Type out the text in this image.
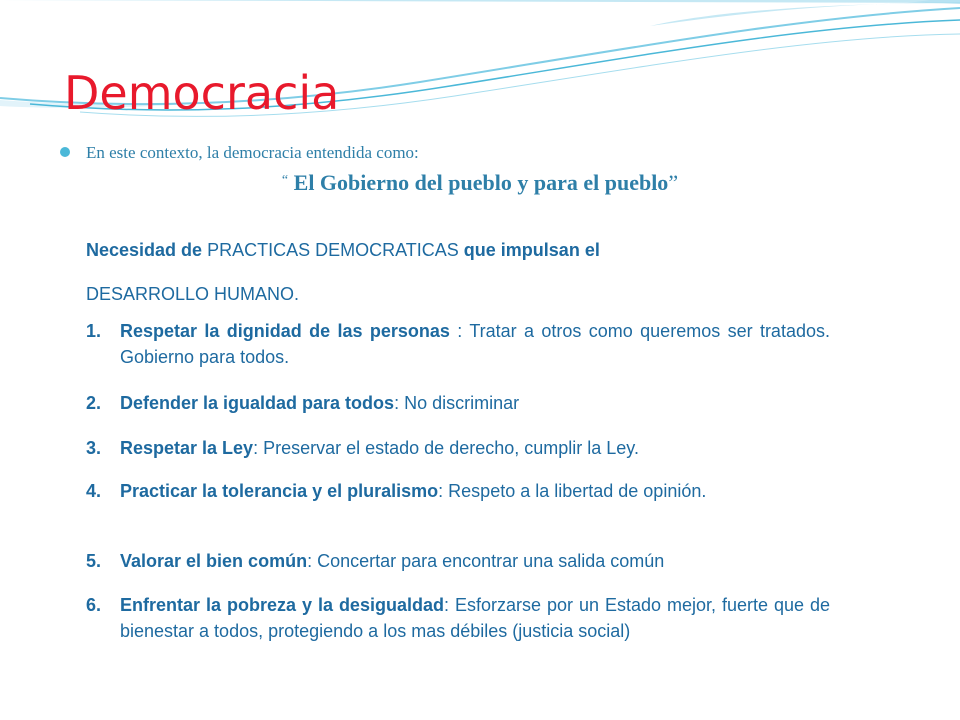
Democracia
En este contexto, la democracia entendida como:
“ El Gobierno del pueblo y para el pueblo”
Necesidad de PRACTICAS DEMOCRATICAS que impulsan el
DESARROLLO HUMANO.
1.	Respetar la dignidad de las personas : Tratar a otros como queremos ser tratados. Gobierno para todos.
2.	Defender la igualdad para todos: No discriminar
3.	Respetar la Ley: Preservar el estado de derecho, cumplir la Ley.
4.	Practicar la tolerancia y el pluralismo: Respeto a la libertad de opinión.
5.	Valorar el bien común: Concertar para encontrar una salida común
6.	Enfrentar la pobreza y la desigualdad: Esforzarse por un Estado mejor, fuerte que de bienestar a todos, protegiendo a los mas débiles (justicia social)
